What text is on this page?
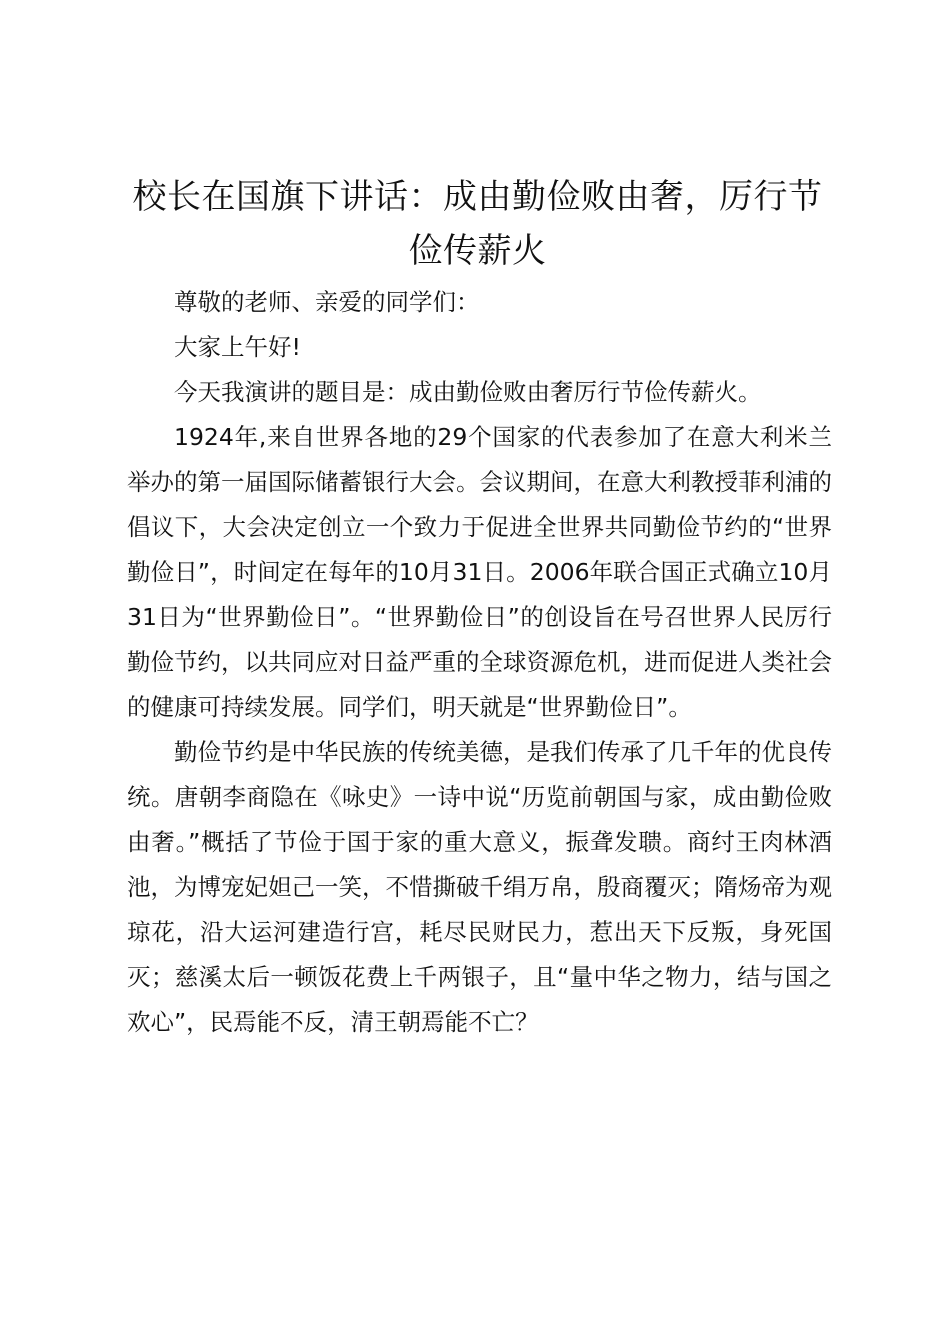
校长在国旗下讲话：成由勤俭败由奢，厉行节俭传薪火

尊敬的老师、亲爱的同学们：

大家上午好!

今天我演讲的题目是：成由勤俭败由奢厉行节俭传薪火。

1924年,来自世界各地的29个国家的代表参加了在意大利米兰举办的第一届国际储蓄银行大会。会议期间，在意大利教授菲利浦的倡议下，大会决定创立一个致力于促进全世界共同勤俭节约的“世界勤俭日”，时间定在每年的10月31日。2006年联合国正式确立10月31日为“世界勤俭日”。“世界勤俭日”的创设旨在号召世界人民厉行勤俭节约，以共同应对日益严重的全球资源危机，进而促进人类社会的健康可持续发展。同学们，明天就是“世界勤俭日”。

勤俭节约是中华民族的传统美德，是我们传承了几千年的优良传统。唐朝李商隐在《咏史》一诗中说“历览前朝国与家，成由勤俭败由奢。”概括了节俭于国于家的重大意义，振聋发聩。商纣王肉林酒池，为博宠妃妲己一笑，不惜撕破千绢万帛，殷商覆灭；隋炀帝为观琼花，沿大运河建造行宫，耗尽民财民力，惹出天下反叛，身死国灭；慈溪太后一顿饭花费上千两银子，且“量中华之物力，结与国之欢心”，民焉能不反，清王朝焉能不亡？
